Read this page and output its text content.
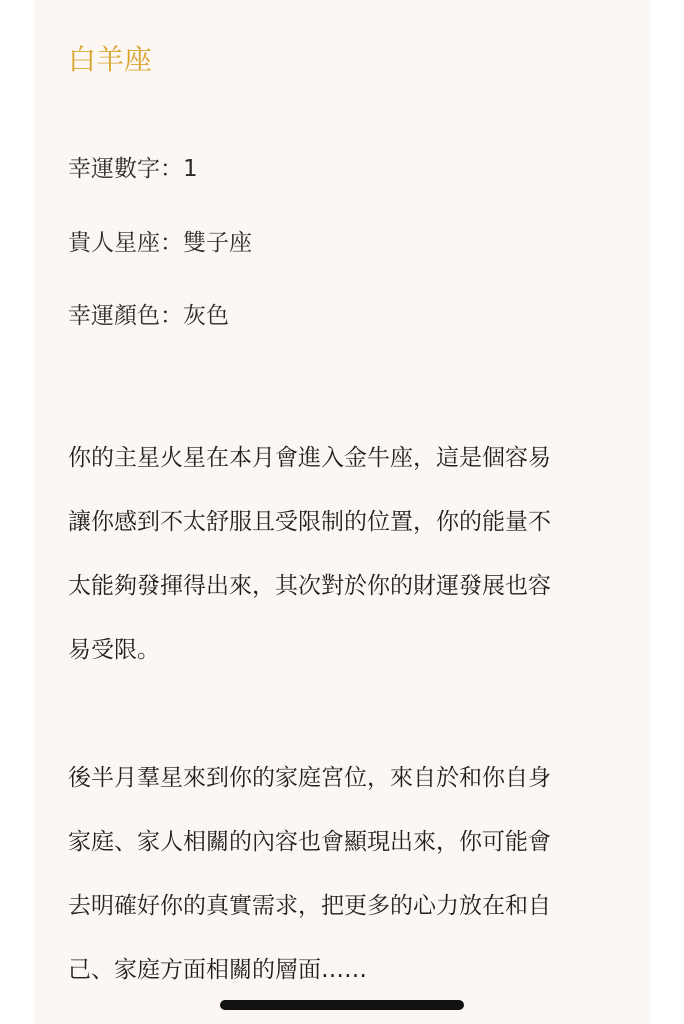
白羊座

幸運數字：1

貴人星座：雙子座

幸運顏色：灰色

你的主星火星在本月會進入金牛座，這是個容易
讓你感到不太舒服且受限制的位置，你的能量不
太能夠發揮得出來，其次對於你的財運發展也容
易受限。
後半月羣星來到你的家庭宮位，來自於和你自身
家庭、家人相關的內容也會顯現出來，你可能會
去明確好你的真實需求，把更多的心力放在和自
己、家庭方面相關的層面……
